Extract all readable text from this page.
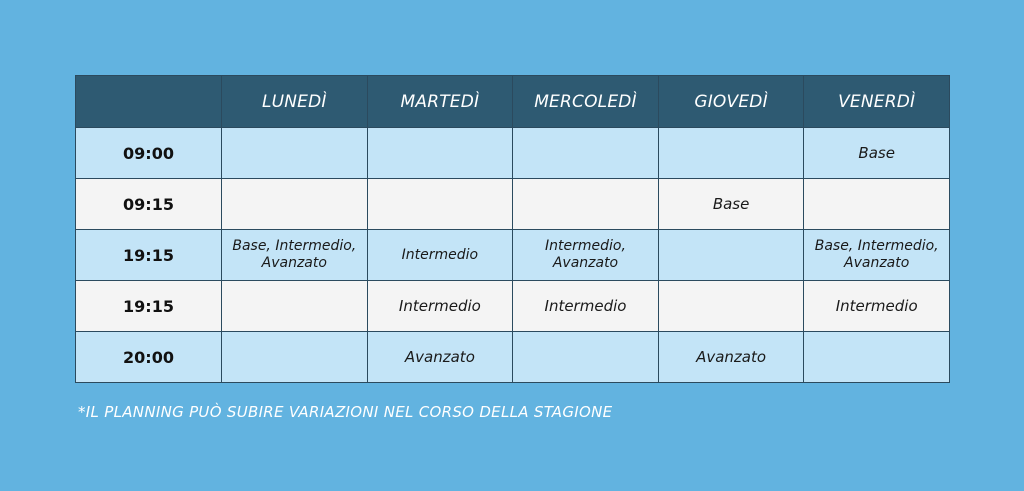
	LUNEDÌ	MARTEDÌ	MERCOLEDÌ	GIOVEDÌ	VENERDÌ
09:00					Base
09:15				Base	
19:15	Base, Intermedio, Avanzato	Intermedio	Intermedio, Avanzato		Base, Intermedio, Avanzato
19:15		Intermedio	Intermedio		Intermedio
20:00		Avanzato		Avanzato	

*IL PLANNING PUÒ SUBIRE VARIAZIONI NEL CORSO DELLA STAGIONE
